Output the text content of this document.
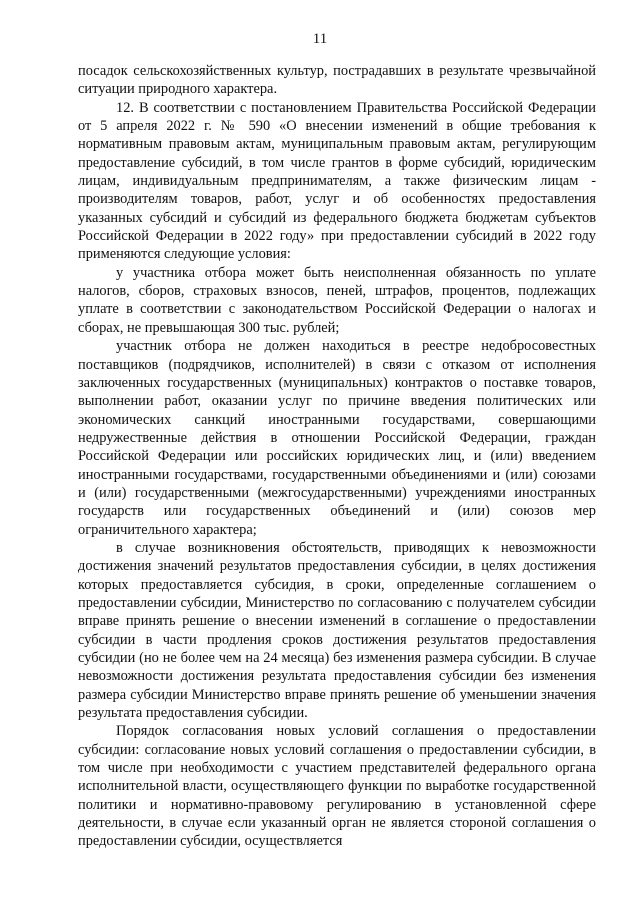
11

посадок сельскохозяйственных культур, пострадавших в результате чрезвычайной ситуации природного характера.

12. В соответствии с постановлением Правительства Российской Федерации от 5 апреля 2022 г. № 590 «О внесении изменений в общие требования к нормативным правовым актам, муниципальным правовым актам, регулирующим предоставление субсидий, в том числе грантов в форме субсидий, юридическим лицам, индивидуальным предпринимателям, а также физическим лицам - производителям товаров, работ, услуг и об особенностях предоставления указанных субсидий и субсидий из федерального бюджета бюджетам субъектов Российской Федерации в 2022 году» при предоставлении субсидий в 2022 году применяются следующие условия:

у участника отбора может быть неисполненная обязанность по уплате налогов, сборов, страховых взносов, пеней, штрафов, процентов, подлежащих уплате в соответствии с законодательством Российской Федерации о налогах и сборах, не превышающая 300 тыс. рублей;

участник отбора не должен находиться в реестре недобросовестных поставщиков (подрядчиков, исполнителей) в связи с отказом от исполнения заключенных государственных (муниципальных) контрактов о поставке товаров, выполнении работ, оказании услуг по причине введения политических или экономических санкций иностранными государствами, совершающими недружественные действия в отношении Российской Федерации, граждан Российской Федерации или российских юридических лиц, и (или) введением иностранными государствами, государственными объединениями и (или) союзами и (или) государственными (межгосударственными) учреждениями иностранных государств или государственных объединений и (или) союзов мер ограничительного характера;

в случае возникновения обстоятельств, приводящих к невозможности достижения значений результатов предоставления субсидии, в целях достижения которых предоставляется субсидия, в сроки, определенные соглашением о предоставлении субсидии, Министерство по согласованию с получателем субсидии вправе принять решение о внесении изменений в соглашение о предоставлении субсидии в части продления сроков достижения результатов предоставления субсидии (но не более чем на 24 месяца) без изменения размера субсидии. В случае невозможности достижения результата предоставления субсидии без изменения размера субсидии Министерство вправе принять решение об уменьшении значения результата предоставления субсидии.

Порядок согласования новых условий соглашения о предоставлении субсидии: согласование новых условий соглашения о предоставлении субсидии, в том числе при необходимости с участием представителей федерального органа исполнительной власти, осуществляющего функции по выработке государственной политики и нормативно-правовому регулированию в установленной сфере деятельности, в случае если указанный орган не является стороной соглашения о предоставлении субсидии, осуществляется
